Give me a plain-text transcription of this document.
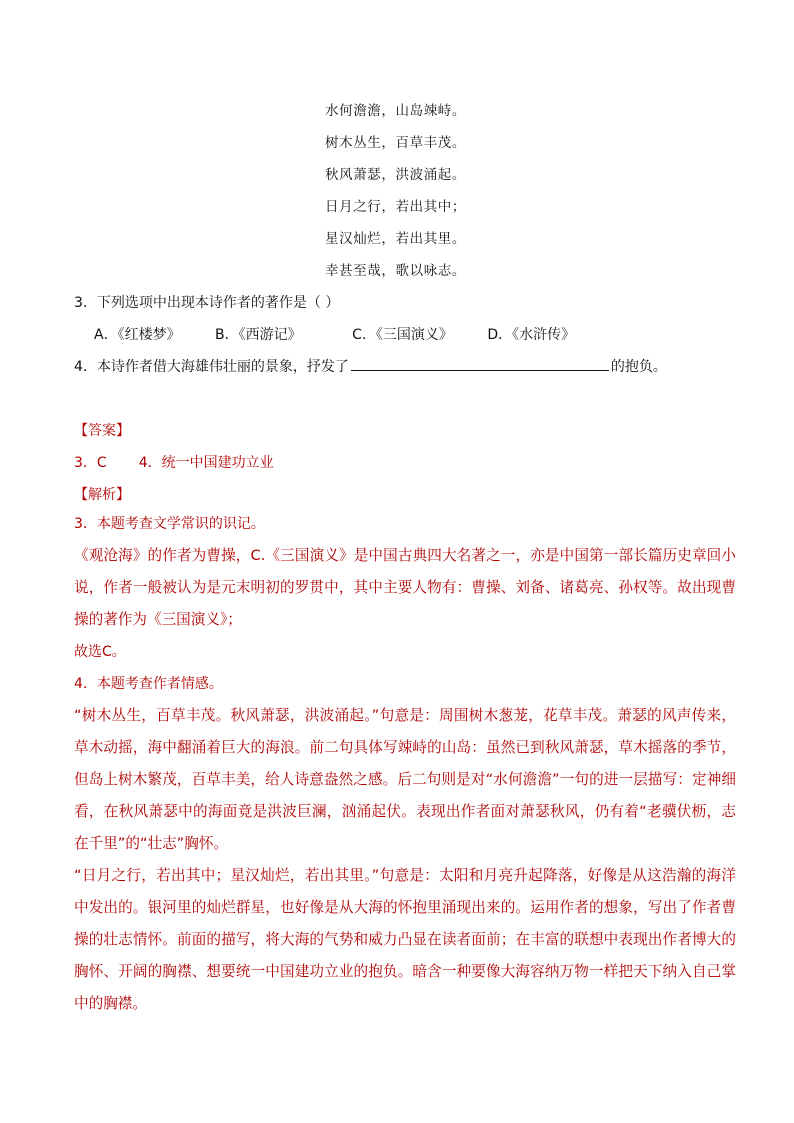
水何澹澹，山岛竦峙。
树木丛生，百草丰茂。
秋风萧瑟，洪波涌起。
日月之行，若出其中；
星汉灿烂，若出其里。
幸甚至哉，歌以咏志。
3．下列选项中出现本诗作者的著作是（ ）
A．《红楼梦》 B．《西游记》	C．《三国演义》 D．《水浒传》
4．本诗作者借大海雄伟壮丽的景象，抒发了	的抱负。
【答案】
3．C 4．统一中国建功立业
【解析】
3．本题考查文学常识的识记。
《观沧海》的作者为曹操，C.《三国演义》是中国古典四大名著之一，亦是中国第一部长篇历史章回小说，作者一般被认为是元末明初的罗贯中，其中主要人物有：曹操、刘备、诸葛亮、孙权等。故出现曹操的著作为《三国演义》；
故选C。
4．本题考查作者情感。
“树木丛生，百草丰茂。秋风萧瑟，洪波涌起。”句意是：周围树木葱茏，花草丰茂。萧瑟的风声传来，草木动摇，海中翻涌着巨大的海浪。前二句具体写竦峙的山岛：虽然已到秋风萧瑟，草木摇落的季节，但岛上树木繁茂，百草丰美，给人诗意盎然之感。后二句则是对“水何澹澹”一句的进一层描写：定神细看，在秋风萧瑟中的海面竟是洪波巨澜，汹涌起伏。表现出作者面对萧瑟秋风，仍有着“老骥伏枥，志在千里”的“壮志”胸怀。
“日月之行，若出其中；星汉灿烂，若出其里。”句意是：太阳和月亮升起降落，好像是从这浩瀚的海洋中发出的。银河里的灿烂群星，也好像是从大海的怀抱里涌现出来的。运用作者的想象，写出了作者曹操的壮志情怀。前面的描写，将大海的气势和威力凸显在读者面前；在丰富的联想中表现出作者博大的胸怀、开阔的胸襟、想要统一中国建功立业的抱负。暗含一种要像大海容纳万物一样把天下纳入自己掌中的胸襟。
